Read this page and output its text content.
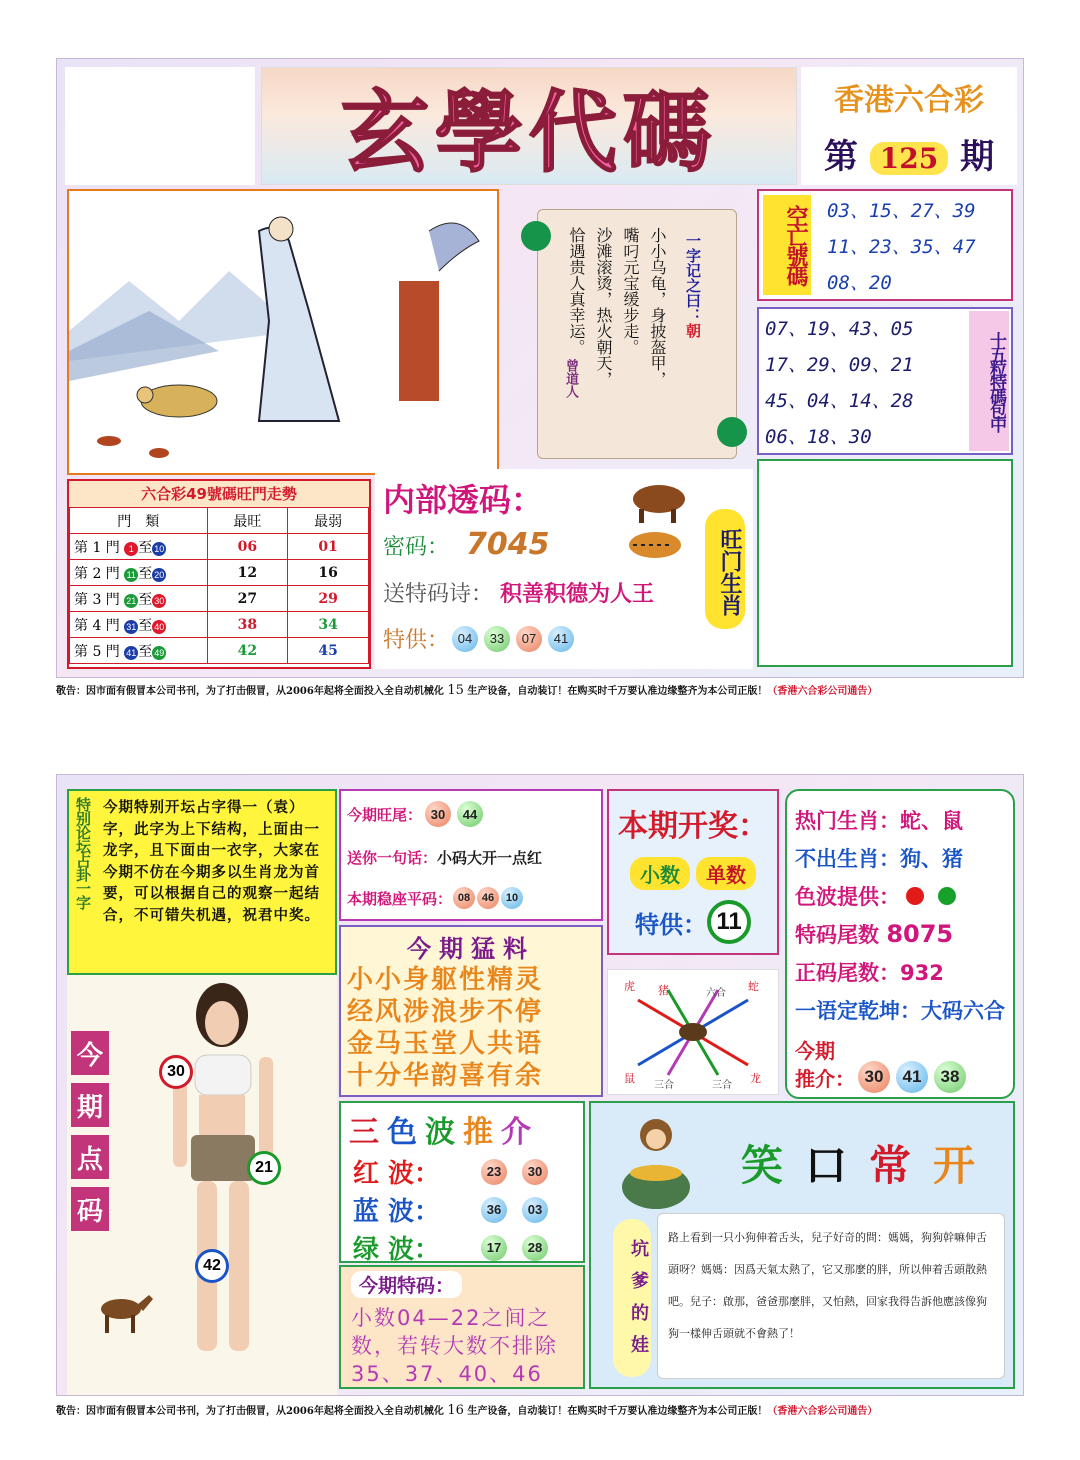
玄學代碼	香港六合彩
第 125 期
一字记之曰：朝
小小乌龟，身披盔甲，
嘴叼元宝缓步走。
沙滩滚烫，热火朝天，
恰遇贵人真幸运。
曾道人
空亡號碼 03、15、27、39
11、23、35、47
08、20
07、19、43、05
17、29、09、21
45、04、14、28
06、18、30
十五粒特碼包中
六合彩49號碼旺門走勢
門　類	最旺	最弱
第 1 門 1 至 10	06	01
第 2 門 11 至 20	12	16
第 3 門 21 至 30	27	29
第 4 門 31 至 40	38	34
第 5 門 41 至 49	42	45
内部透码：
密码： 7045
送特码诗： 积善积德为人王
特供： 04	33	07	41
旺门生肖
敬告：因市面有假冒本公司书刊，为了打击假冒，从2006年起将全面投入全自动机械化 15 生产设备，自动装订！在购买时千万要认准边缘整齐为本公司正版！（香港六合彩公司通告）
特别论坛占卦一字 今期特别开坛占字得一（袁）字，此字为上下结构，上面由一龙字，且下面由一衣字，大家在今期不仿在今期多以生肖龙为首要，可以根据自己的观察一起结合，不可错失机遇，祝君中奖。
今期旺尾： 30	44
送你一句话：小码大开一点红
本期稳座平码： 08	46	10
本期开奖：
小数	单数
特供： 11
热门生肖：蛇、鼠
不出生肖：狗、猪
色波提供：
特码尾数 8075
正码尾数：932
一语定乾坤：大码六合
今期
推介： 30	41	38
今期猛料
小小身躯性精灵
经风涉浪步不停
金马玉堂人共语
十分华韵喜有余
虎 猪	六合
蛇
鼠
三合	三合
龙
今
期
点
码
30
21
42
三色波推介
红 波：	23	30
蓝 波：	36	03
绿 波：	17	28
今期特码：
小数04—22之间之数，若转大数不排除35、37、40、46
笑 口 常 开
坑爹的娃
路上看到一只小狗伸着舌头，兒子好奇的問：媽媽，狗狗幹嘛伸舌頭呀？媽媽：因爲天氣太熱了，它又那麼的胖，所以伸着舌頭散熱吧。兒子：啟那，爸爸那麼胖，又怕熱，回家我得告訴他應該像狗狗一樣伸舌頭就不會熱了！
敬告：因市面有假冒本公司书刊，为了打击假冒，从2006年起将全面投入全自动机械化 16 生产设备，自动装订！在购买时千万要认准边缘整齐为本公司正版！（香港六合彩公司通告）
